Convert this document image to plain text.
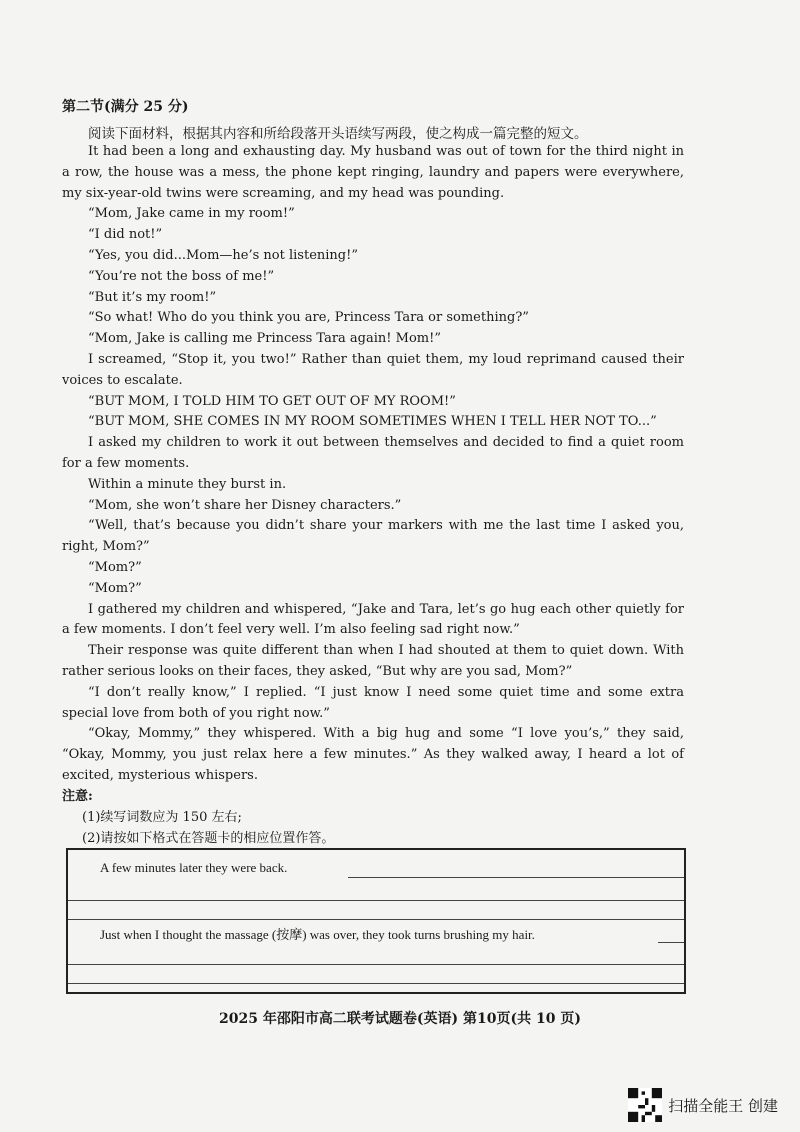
第二节(满分 25 分)
阅读下面材料，根据其内容和所给段落开头语续写两段，使之构成一篇完整的短文。

It had been a long and exhausting day. My husband was out of town for the third night in a row, the house was a mess, the phone kept ringing, laundry and papers were everywhere, my six-year-old twins were screaming, and my head was pounding.

“Mom, Jake came in my room!”

“I did not!”

“Yes, you did...Mom—he’s not listening!”

“You’re not the boss of me!”

“But it’s my room!”

“So what! Who do you think you are, Princess Tara or something?”

“Mom, Jake is calling me Princess Tara again! Mom!”

I screamed, “Stop it, you two!” Rather than quiet them, my loud reprimand caused their voices to escalate.

“BUT MOM, I TOLD HIM TO GET OUT OF MY ROOM!”

“BUT MOM, SHE COMES IN MY ROOM SOMETIMES WHEN I TELL HER NOT TO...”

I asked my children to work it out between themselves and decided to find a quiet room for a few moments.

Within a minute they burst in.

“Mom, she won’t share her Disney characters.”

“Well, that’s because you didn’t share your markers with me the last time I asked you, right, Mom?”

“Mom?”

“Mom?”

I gathered my children and whispered, “Jake and Tara, let’s go hug each other quietly for a few moments. I don’t feel very well. I’m also feeling sad right now.”

Their response was quite different than when I had shouted at them to quiet down. With rather serious looks on their faces, they asked, “But why are you sad, Mom?”

“I don’t really know,” I replied. “I just know I need some quiet time and some extra special love from both of you right now.”

“Okay, Mommy,” they whispered. With a big hug and some “I love you’s,” they said, “Okay, Mommy, you just relax here a few minutes.” As they walked away, I heard a lot of excited, mysterious whispers.

注意:
(1)续写词数应为 150 左右;
(2)请按如下格式在答题卡的相应位置作答。
A few minutes later they were back.
Just when I thought the massage (按摩) was over, they took turns brushing my hair.
2025 年邵阳市高二联考试题卷(英语) 第10页(共 10 页)
扫描全能王 创建
